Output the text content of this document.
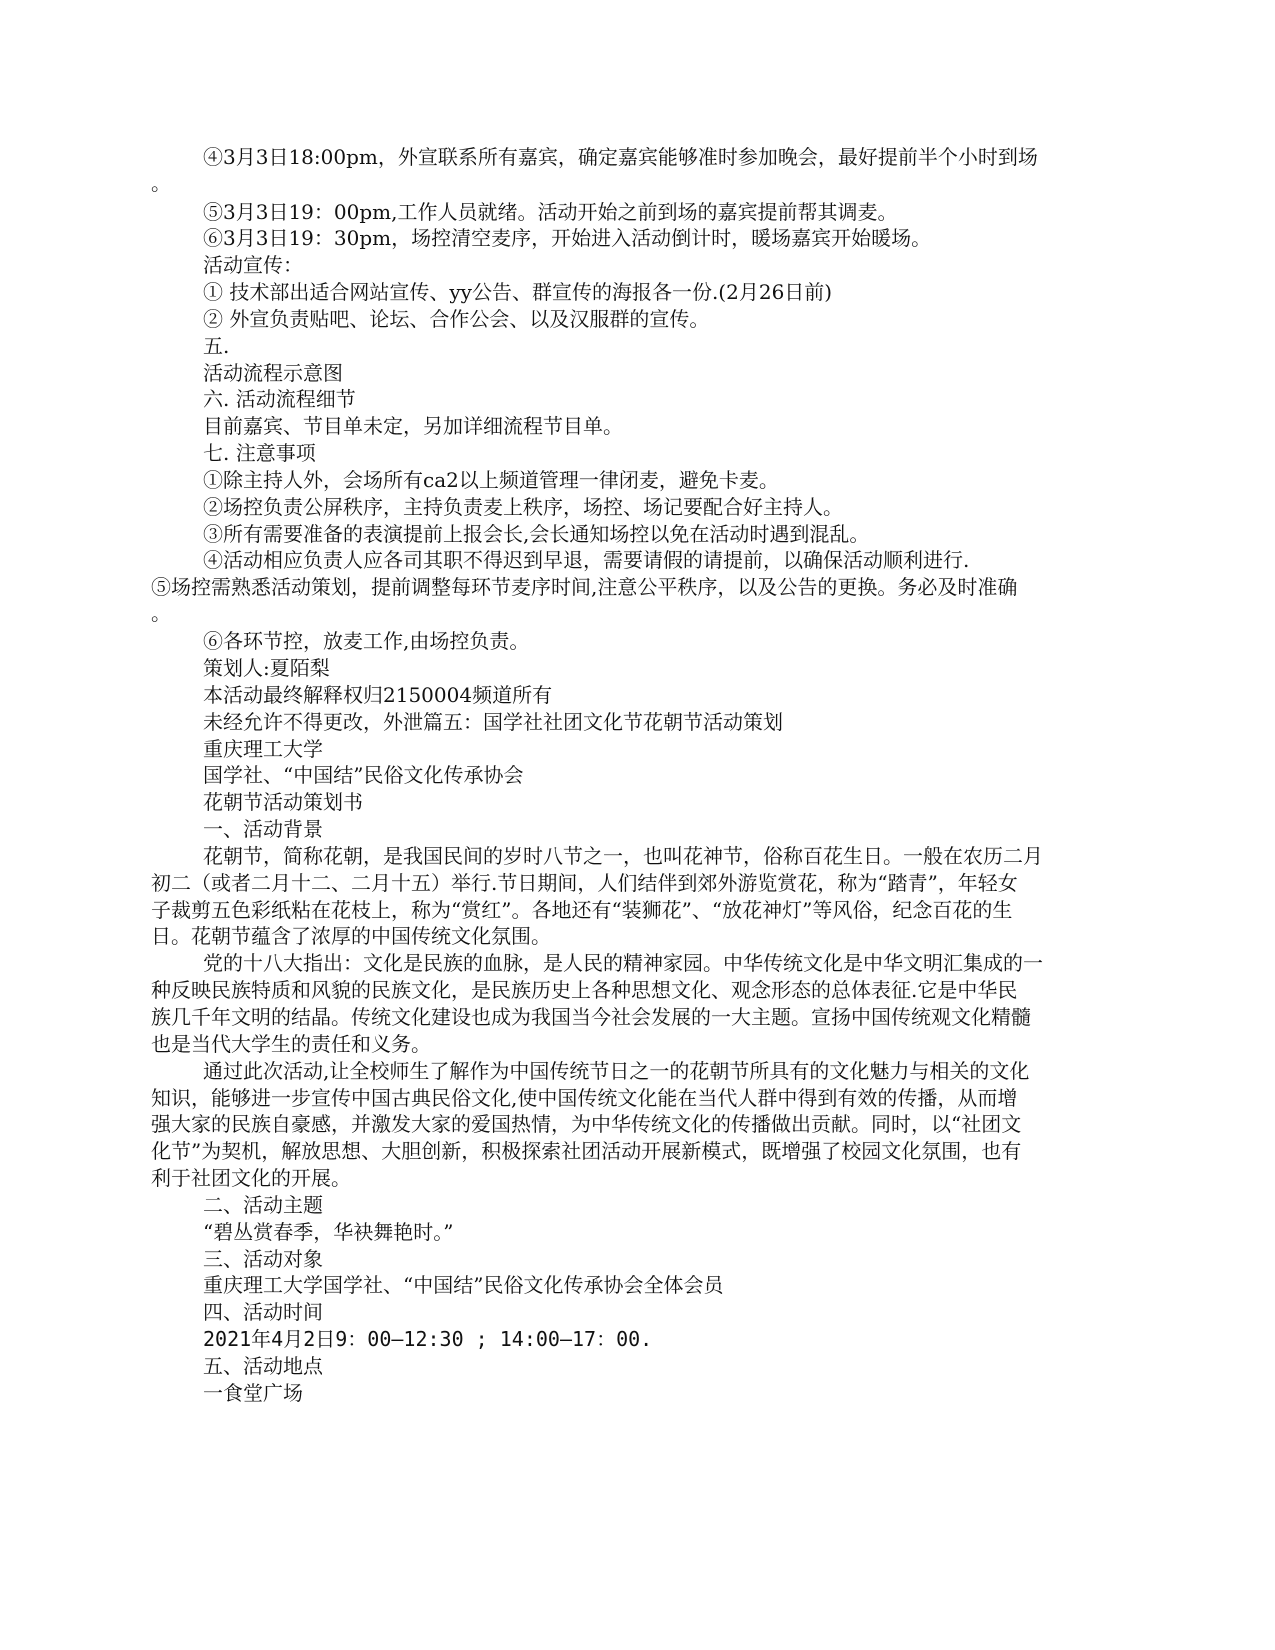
④3月3日18:00pm，外宣联系所有嘉宾，确定嘉宾能够准时参加晚会，最好提前半个小时到场
。
⑤3月3日19：00pm,工作人员就绪。活动开始之前到场的嘉宾提前帮其调麦。
⑥3月3日19：30pm，场控清空麦序，开始进入活动倒计时，暖场嘉宾开始暖场。
活动宣传：
① 技术部出适合网站宣传、yy公告、群宣传的海报各一份.(2月26日前)
② 外宣负责贴吧、论坛、合作公会、以及汉服群的宣传。
五.
活动流程示意图
六. 活动流程细节
目前嘉宾、节目单未定，另加详细流程节目单。
七. 注意事项
①除主持人外，会场所有ca2以上频道管理一律闭麦，避免卡麦。
②场控负责公屏秩序，主持负责麦上秩序，场控、场记要配合好主持人。
③所有需要准备的表演提前上报会长,会长通知场控以免在活动时遇到混乱。
④活动相应负责人应各司其职不得迟到早退，需要请假的请提前，以确保活动顺利进行.
⑤场控需熟悉活动策划，提前调整每环节麦序时间,注意公平秩序，以及公告的更换。务必及时准确
。
⑥各环节控，放麦工作,由场控负责。
策划人:夏陌梨
本活动最终解释权归2150004频道所有
未经允许不得更改，外泄篇五：国学社社团文化节花朝节活动策划
重庆理工大学
国学社、“中国结”民俗文化传承协会
花朝节活动策划书
一、活动背景
花朝节，简称花朝，是我国民间的岁时八节之一，也叫花神节，俗称百花生日。一般在农历二月
初二（或者二月十二、二月十五）举行.节日期间，人们结伴到郊外游览赏花，称为“踏青”，年轻女
子裁剪五色彩纸粘在花枝上，称为“赏红”。各地还有“装狮花”、“放花神灯”等风俗，纪念百花的生
日。花朝节蕴含了浓厚的中国传统文化氛围。
党的十八大指出：文化是民族的血脉，是人民的精神家园。中华传统文化是中华文明汇集成的一
种反映民族特质和风貌的民族文化，是民族历史上各种思想文化、观念形态的总体表征.它是中华民
族几千年文明的结晶。传统文化建设也成为我国当今社会发展的一大主题。宣扬中国传统观文化精髓
也是当代大学生的责任和义务。
通过此次活动,让全校师生了解作为中国传统节日之一的花朝节所具有的文化魅力与相关的文化
知识，能够进一步宣传中国古典民俗文化,使中国传统文化能在当代人群中得到有效的传播，从而增
强大家的民族自豪感，并激发大家的爱国热情，为中华传统文化的传播做出贡献。同时，以“社团文
化节”为契机，解放思想、大胆创新，积极探索社团活动开展新模式，既增强了校园文化氛围，也有
利于社团文化的开展。
二、活动主题
“碧丛赏春季，华袂舞艳时。”
三、活动对象
重庆理工大学国学社、“中国结”民俗文化传承协会全体会员
四、活动时间
2021年4月2日9：00—12:30 ; 14:00—17：00.
五、活动地点
一食堂广场
